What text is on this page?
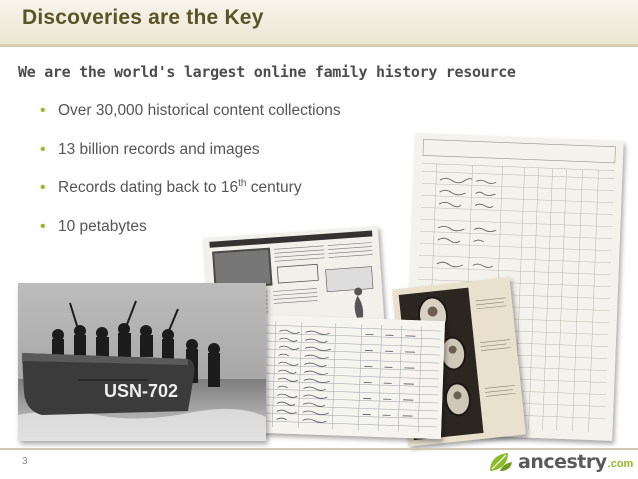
Discoveries are the Key
We are the world's largest online family history resource
• Over 30,000 historical content collections
• 13 billion records and images
• Records dating back to 16th century
• 10 petabytes
USN-702
3	ancestry .com
